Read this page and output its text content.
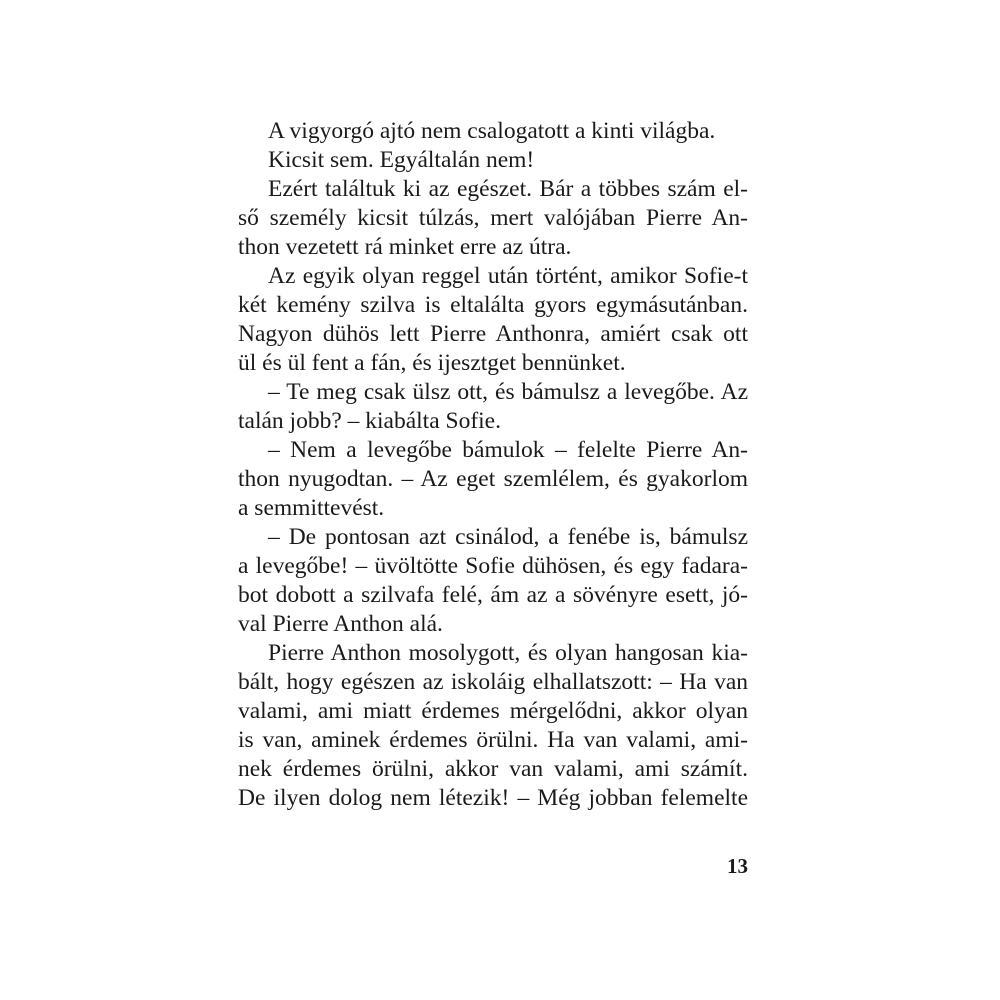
A vigyorgó ajtó nem csalogatott a kinti világba.
Kicsit sem. Egyáltalán nem!
Ezért találtuk ki az egészet. Bár a többes szám el-
ső személy kicsit túlzás, mert valójában Pierre An-
thon vezetett rá minket erre az útra.
Az egyik olyan reggel után történt, amikor Sofie-t
két kemény szilva is eltalálta gyors egymásutánban.
Nagyon dühös lett Pierre Anthonra, amiért csak ott
ül és ül fent a fán, és ijesztget bennünket.
– Te meg csak ülsz ott, és bámulsz a levegőbe. Az
talán jobb? – kiabálta Sofie.
– Nem a levegőbe bámulok – felelte Pierre An-
thon nyugodtan. – Az eget szemlélem, és gyakorlom
a semmittevést.
– De pontosan azt csinálod, a fenébe is, bámulsz
a levegőbe! – üvöltötte Sofie dühösen, és egy fadara-
bot dobott a szilvafa felé, ám az a sövényre esett, jó-
val Pierre Anthon alá.
Pierre Anthon mosolygott, és olyan hangosan kia-
bált, hogy egészen az iskoláig elhallatszott: – Ha van
valami, ami miatt érdemes mérgelődni, akkor olyan
is van, aminek érdemes örülni. Ha van valami, ami-
nek érdemes örülni, akkor van valami, ami számít.
De ilyen dolog nem létezik! – Még jobban felemelte
13
